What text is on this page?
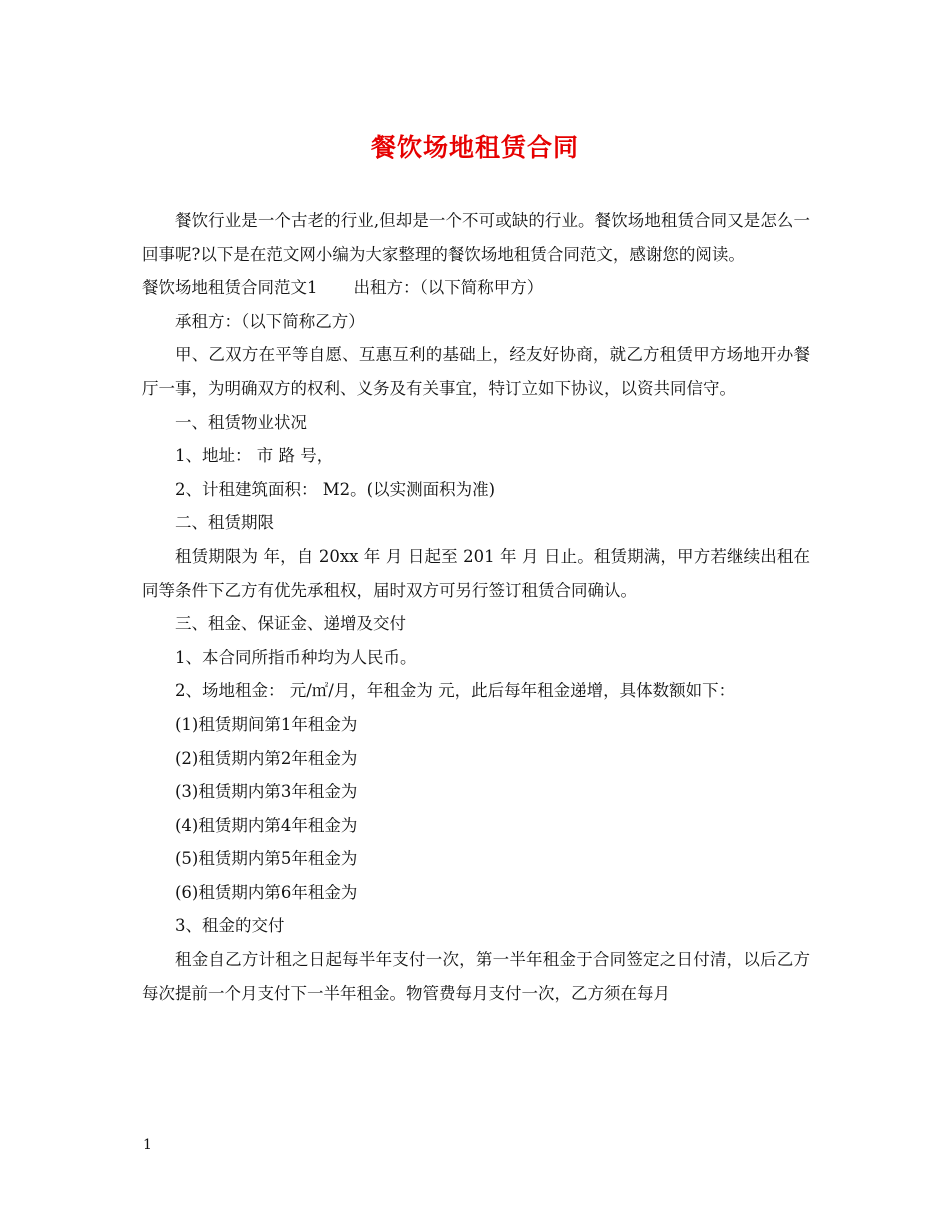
餐饮场地租赁合同

餐饮行业是一个古老的行业,但却是一个不可或缺的行业。餐饮场地租赁合同又是怎么一回事呢?以下是在范文网小编为大家整理的餐饮场地租赁合同范文，感谢您的阅读。

餐饮场地租赁合同范文1 出租方：（以下简称甲方）

承租方：（以下简称乙方）

甲、乙双方在平等自愿、互惠互利的基础上，经友好协商，就乙方租赁甲方场地开办餐厅一事，为明确双方的权利、义务及有关事宜，特订立如下协议，以资共同信守。

一、租赁物业状况

1、地址： 市 路 号，

2、计租建筑面积： M2。(以实测面积为准)

二、租赁期限

租赁期限为 年，自 20xx 年 月 日起至 201 年 月 日止。租赁期满，甲方若继续出租在同等条件下乙方有优先承租权，届时双方可另行签订租赁合同确认。

三、租金、保证金、递增及交付

1、本合同所指币种均为人民币。

2、场地租金： 元/㎡/月，年租金为 元，此后每年租金递增，具体数额如下：

(1)租赁期间第1年租金为

(2)租赁期内第2年租金为

(3)租赁期内第3年租金为

(4)租赁期内第4年租金为

(5)租赁期内第5年租金为

(6)租赁期内第6年租金为

3、租金的交付

租金自乙方计租之日起每半年支付一次，第一半年租金于合同签定之日付清，以后乙方每次提前一个月支付下一半年租金。物管费每月支付一次，乙方须在每月

1
